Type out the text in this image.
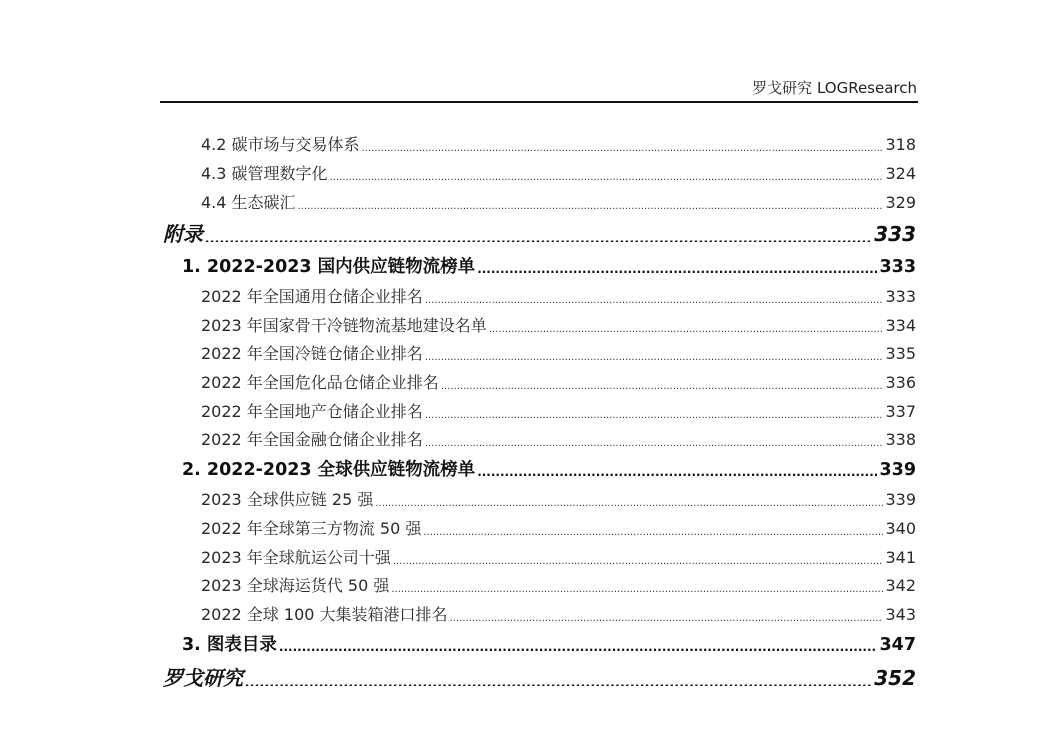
罗戈研究 LOGResearch
4.2 碳市场与交易体系 .....	318
4.3 碳管理数字化 .....	324
4.4 生态碳汇 .....	329
附录 .....	333
1. 2022-2023 国内供应链物流榜单 .....	333
2022 年全国通用仓储企业排名 .....	333
2023 年国家骨干冷链物流基地建设名单 .....	334
2022 年全国冷链仓储企业排名 .....	335
2022 年全国危化品仓储企业排名 .....	336
2022 年全国地产仓储企业排名 .....	337
2022 年全国金融仓储企业排名 .....	338
2. 2022-2023 全球供应链物流榜单 .....	339
2023 全球供应链 25 强 .....	339
2022 年全球第三方物流 50 强 .....	340
2023 年全球航运公司十强 .....	341
2023 全球海运货代 50 强 .....	342
2022 全球 100 大集装箱港口排名 .....	343
3. 图表目录 .....	347
罗戈研究 .....	352
